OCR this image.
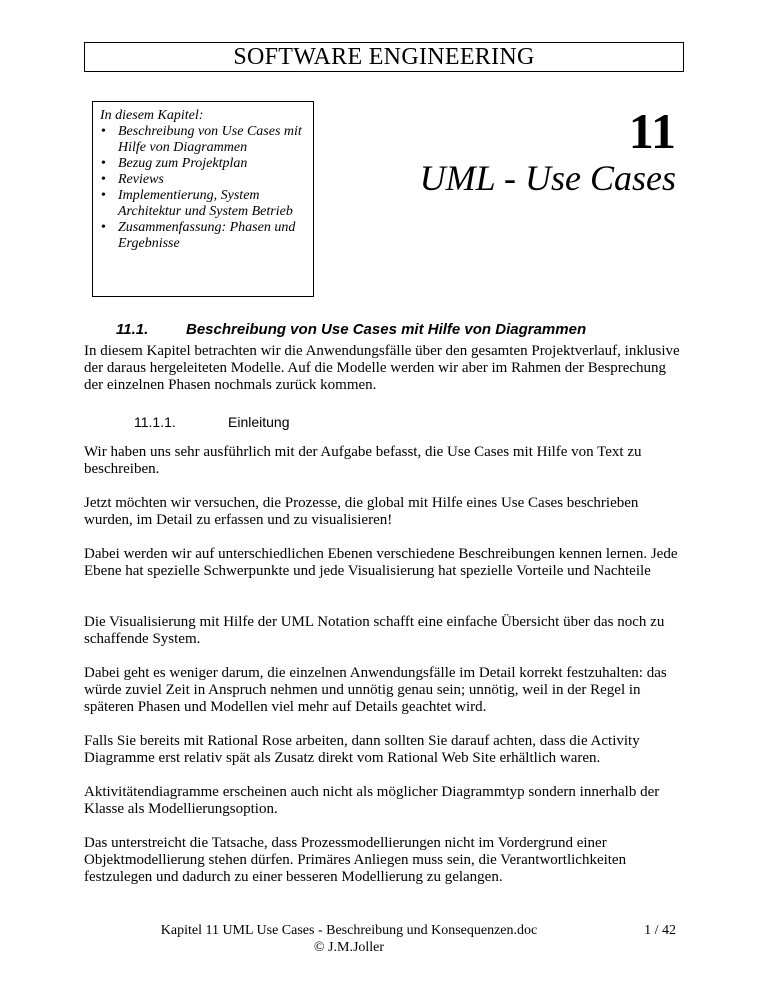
SOFTWARE ENGINEERING
In diesem Kapitel:
• Beschreibung von Use Cases mit Hilfe von Diagrammen
• Bezug zum Projektplan
• Reviews
• Implementierung, System Architektur und System Betrieb
• Zusammenfassung: Phasen und Ergebnisse
11
UML - Use Cases
11.1.	Beschreibung von Use Cases mit Hilfe von Diagrammen
In diesem Kapitel betrachten wir die Anwendungsfälle über den gesamten Projektverlauf, inklusive der daraus hergeleiteten Modelle. Auf die Modelle werden wir aber im Rahmen der Besprechung der einzelnen Phasen nochmals zurück kommen.
11.1.1.	Einleitung
Wir haben uns sehr ausführlich mit der Aufgabe befasst, die Use Cases mit Hilfe von Text zu beschreiben.
Jetzt möchten wir versuchen, die Prozesse, die global mit Hilfe eines Use Cases beschrieben wurden, im Detail zu erfassen und zu visualisieren!
Dabei werden wir auf unterschiedlichen Ebenen verschiedene Beschreibungen kennen lernen. Jede Ebene hat spezielle Schwerpunkte und jede Visualisierung hat spezielle Vorteile und Nachteile
Die Visualisierung mit Hilfe der UML Notation schafft eine einfache Übersicht über das noch zu schaffende System.
Dabei geht es weniger darum, die einzelnen Anwendungsfälle im Detail korrekt festzuhalten: das würde zuviel Zeit in Anspruch nehmen und unnötig genau sein; unnötig, weil in der Regel in späteren Phasen und Modellen viel mehr auf Details geachtet wird.
Falls Sie bereits mit Rational Rose arbeiten, dann sollten Sie darauf achten, dass die Activity Diagramme erst relativ spät als Zusatz direkt vom Rational Web Site erhältlich waren.
Aktivitätendiagramme erscheinen auch nicht als möglicher Diagrammtyp sondern innerhalb der Klasse als Modellierungsoption.
Das unterstreicht die Tatsache, dass Prozessmodellierungen nicht im Vordergrund einer Objektmodellierung stehen dürfen. Primäres Anliegen muss sein, die Verantwortlichkeiten festzulegen und dadurch zu einer besseren Modellierung zu gelangen.
Kapitel 11 UML Use Cases - Beschreibung und Konsequenzen.doc
© J.M.Joller
1 / 42
